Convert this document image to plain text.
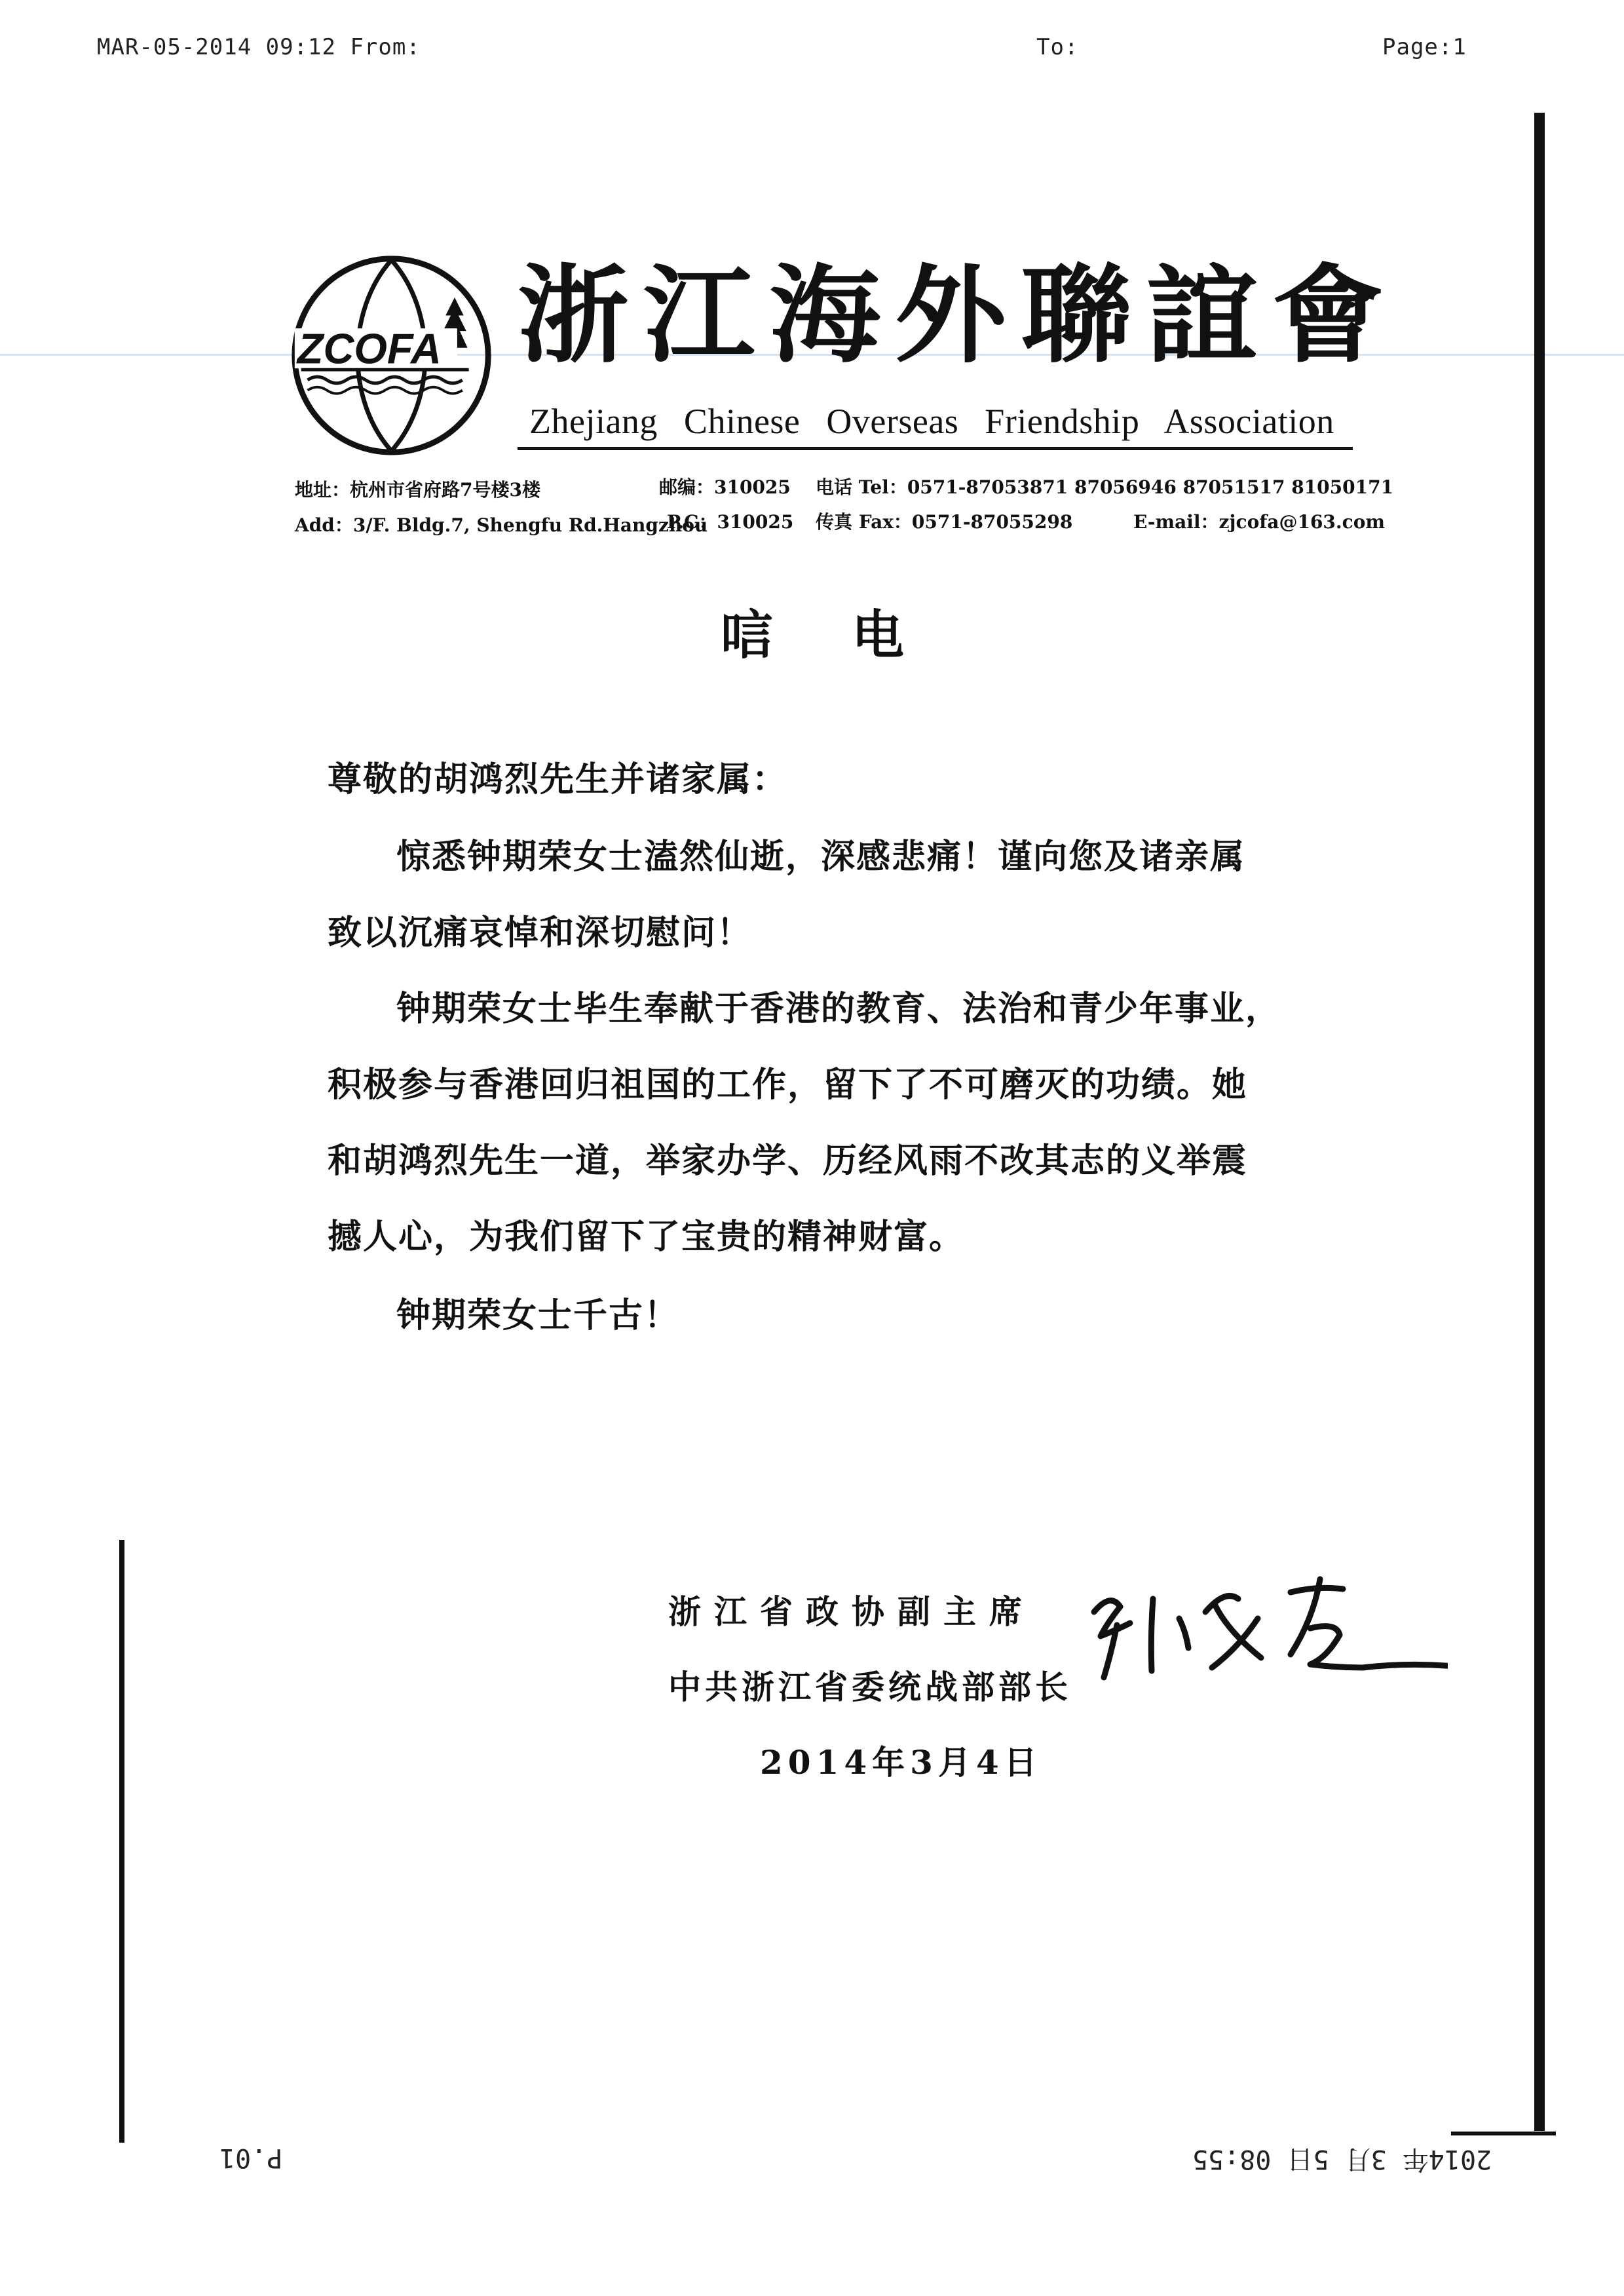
MAR-05-2014 09:12 From:	To:	Page:1
ZCOFA 浙江海外聯誼會
Zhejiang Chinese Overseas Friendship Association
地址：杭州市省府路7号楼3楼	邮编：310025 电话 Tel：0571-87053871 87056946 87051517 81050171
Add：3/F. Bldg.7, Shengfu Rd.Hangzhou
P.C：310025 传真 Fax：0571-87055298	E-mail：zjcofa@163.com
唁电
尊敬的胡鸿烈先生并诸家属：
惊悉钟期荣女士溘然仙逝，深感悲痛！谨向您及诸亲属
致以沉痛哀悼和深切慰问！
钟期荣女士毕生奉献于香港的教育、法治和青少年事业，
积极参与香港回归祖国的工作，留下了不可磨灭的功绩。她
和胡鸿烈先生一道，举家办学、历经风雨不改其志的义举震
撼人心，为我们留下了宝贵的精神财富。
钟期荣女士千古！
浙江省政协副主席
中共浙江省委统战部部长
2014年3月4日
P.01	2014年 3月 5日 08:55
